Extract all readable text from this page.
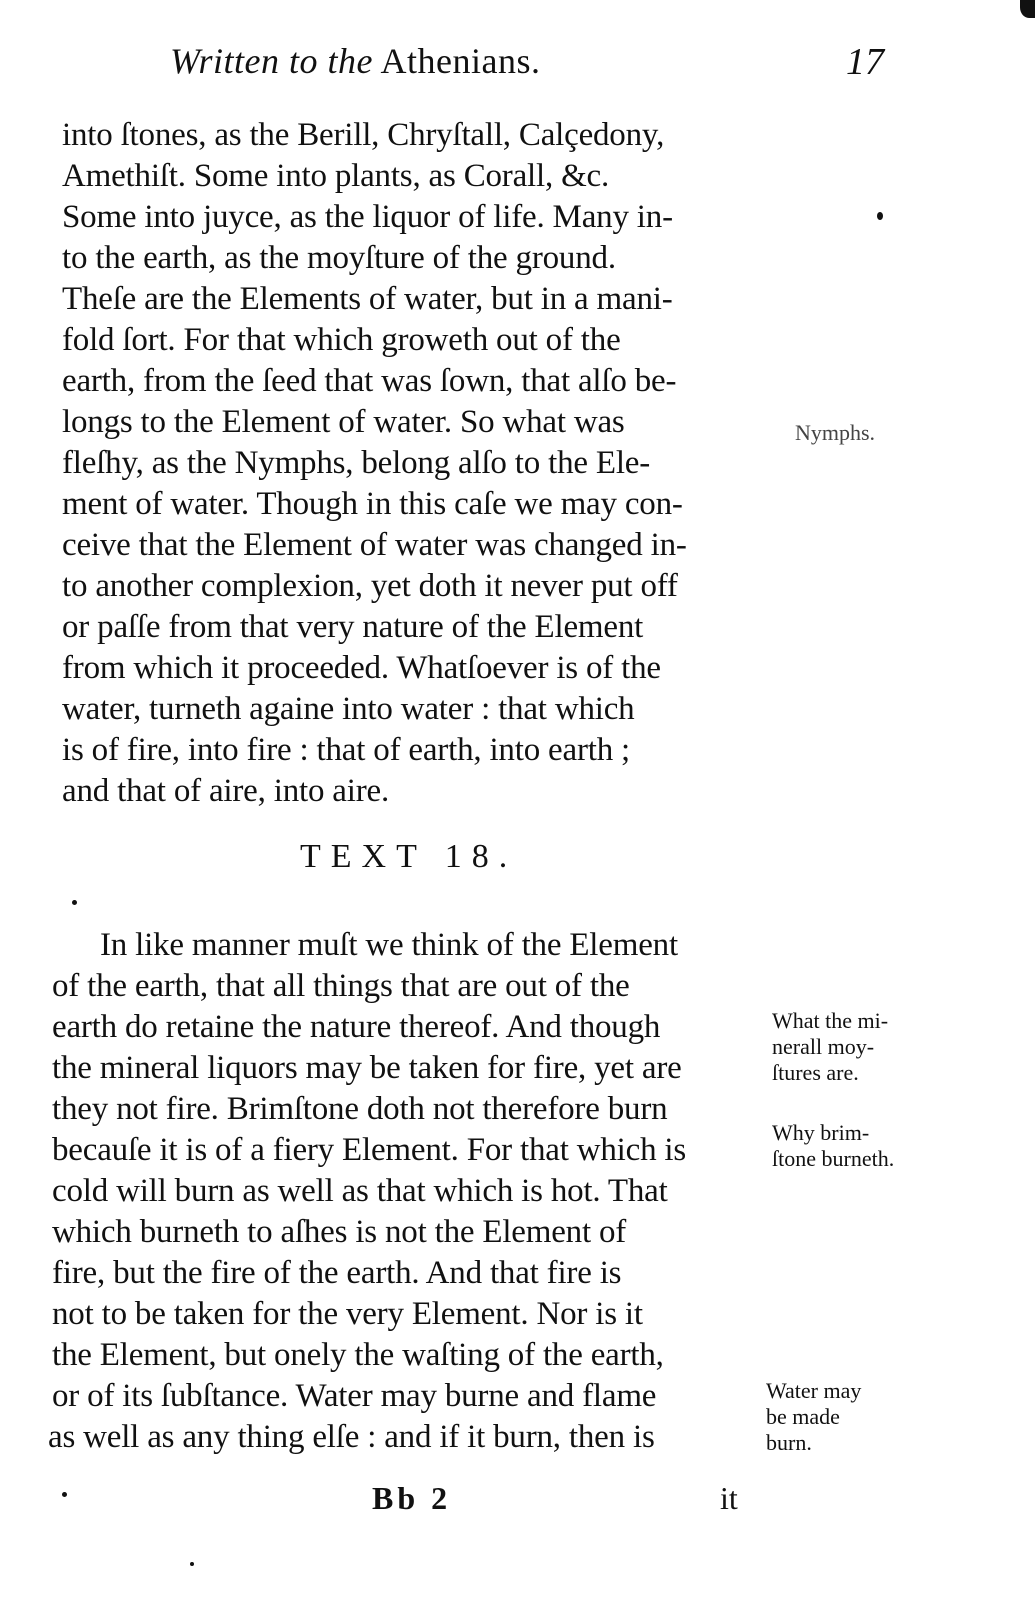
Written to the Athenians.	17
into ſtones, as the Berill, Chryſtall, Calçedony,
Amethiſt. Some into plants, as Corall, &c.
Some into juyce, as the liquor of life. Many in-
to the earth, as the moyſture of the ground.
Theſe are the Elements of water, but in a mani-
fold ſort. For that which groweth out of the
earth, from the ſeed that was ſown, that alſo be-
longs to the Element of water. So what was
fleſhy, as the Nymphs, belong alſo to the Ele-
ment of water. Though in this caſe we may con-
ceive that the Element of water was changed in-
to another complexion, yet doth it never put off
or paſſe from that very nature of the Element
from which it proceeded. Whatſoever is of the
water, turneth againe into water : that which
is of fire, into fire : that of earth, into earth ;
and that of aire, into aire.
TEXT 18.
In like manner muſt we think of the Element
of the earth, that all things that are out of the
earth do retaine the nature thereof. And though
the mineral liquors may be taken for fire, yet are
they not fire. Brimſtone doth not therefore burn
becauſe it is of a fiery Element. For that which is
cold will burn as well as that which is hot. That
which burneth to aſhes is not the Element of
fire, but the fire of the earth. And that fire is
not to be taken for the very Element. Nor is it
the Element, but onely the waſting of the earth,
or of its ſubſtance. Water may burne and flame
as well as any thing elſe : and if it burn, then is
Nymphs.
What the mi-
nerall moy-
ſtures are.
Why brim-
ſtone burneth.
Water may
be made
burn.
Bb 2	it
